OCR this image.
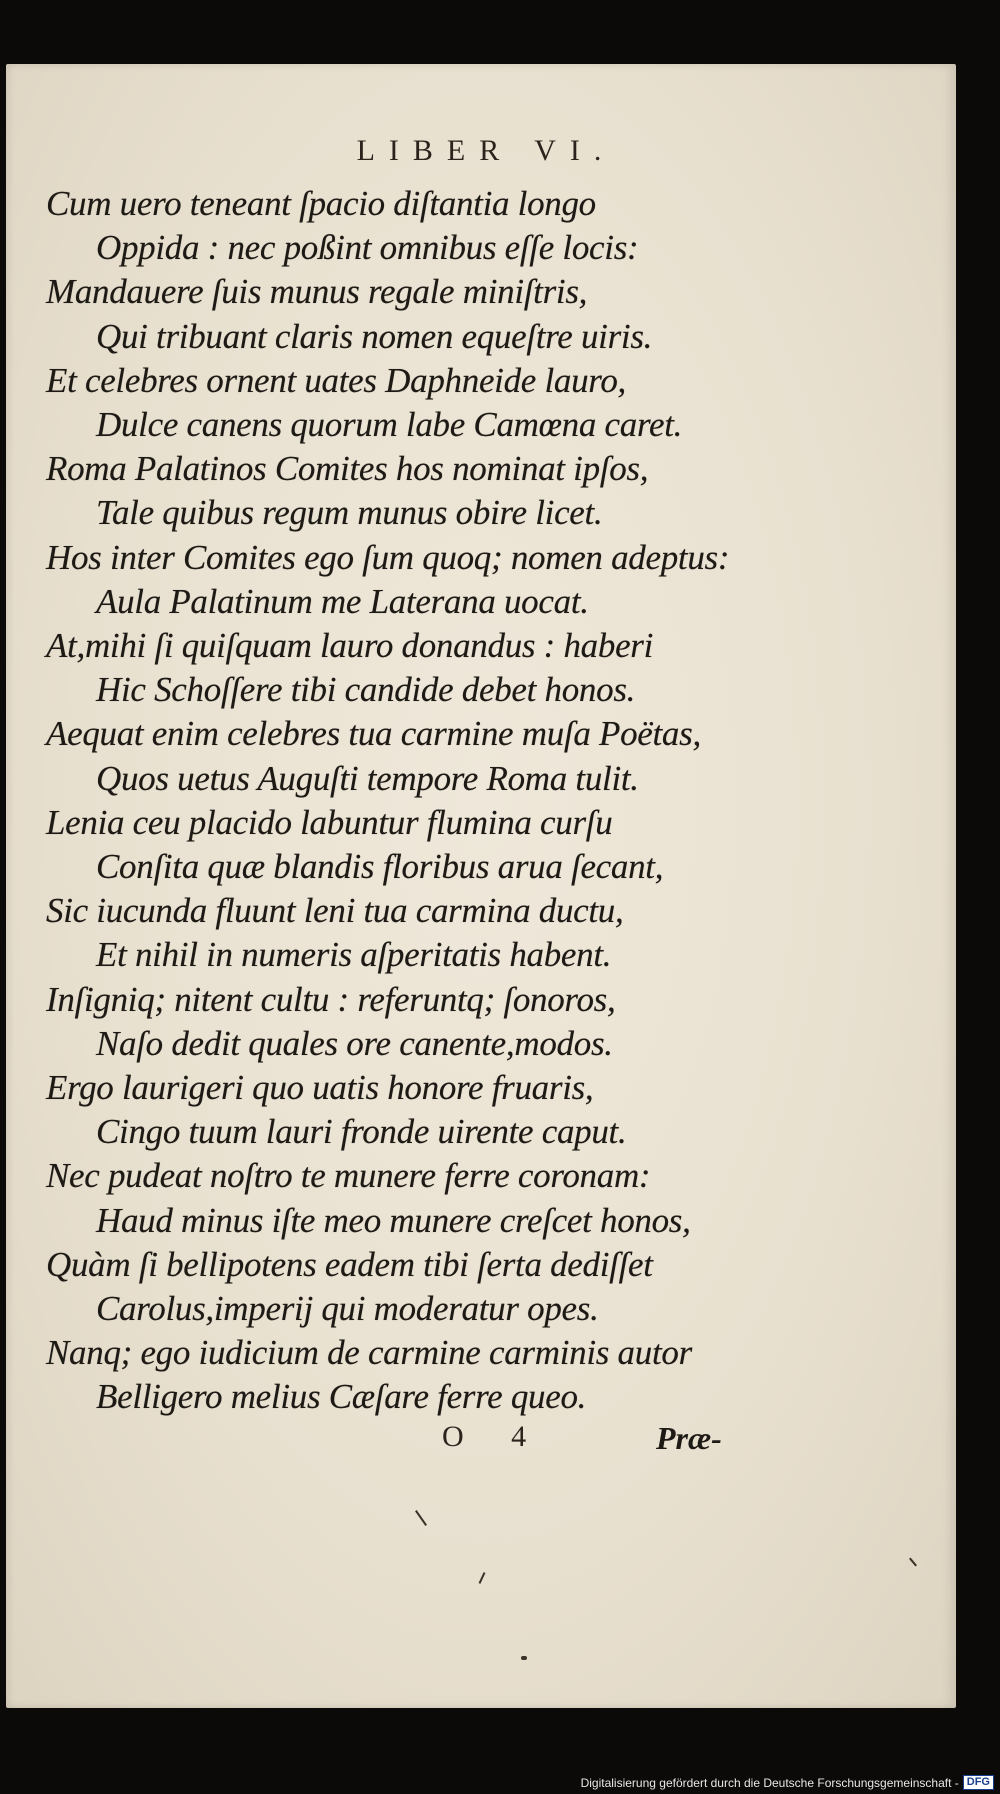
LIBER VI.
Cum uero teneant ſpacio diſtantia longo
Oppida : nec poßint omnibus eſſe locis:
Mandauere ſuis munus regale miniſtris,
Qui tribuant claris nomen equeſtre uiris.
Et celebres ornent uates Daphneide lauro,
Dulce canens quorum labe Camœna caret.
Roma Palatinos Comites hos nominat ipſos,
Tale quibus regum munus obire licet.
Hos inter Comites ego ſum quoq; nomen adeptus:
Aula Palatinum me Laterana uocat.
At,mihi ſi quiſquam lauro donandus : haberi
Hic Schoſſere tibi candide debet honos.
Aequat enim celebres tua carmine muſa Poëtas,
Quos uetus Auguſti tempore Roma tulit.
Lenia ceu placido labuntur flumina curſu
Conſita quæ blandis floribus arua ſecant,
Sic iucunda fluunt leni tua carmina ductu,
Et nihil in numeris aſperitatis habent.
Inſigniq; nitent cultu : referuntq; ſonoros,
Naſo dedit quales ore canente,modos.
Ergo laurigeri quo uatis honore fruaris,
Cingo tuum lauri fronde uirente caput.
Nec pudeat noſtro te munere ferre coronam:
Haud minus iſte meo munere creſcet honos,
Quàm ſi bellipotens eadem tibi ſerta dediſſet
Carolus,imperij qui moderatur opes.
Nanq; ego iudicium de carmine carminis autor
Belligero melius Cæſare ferre queo.
O 4	Præ-
Digitalisierung gefördert durch die Deutsche Forschungsgemeinschaft - DFG
